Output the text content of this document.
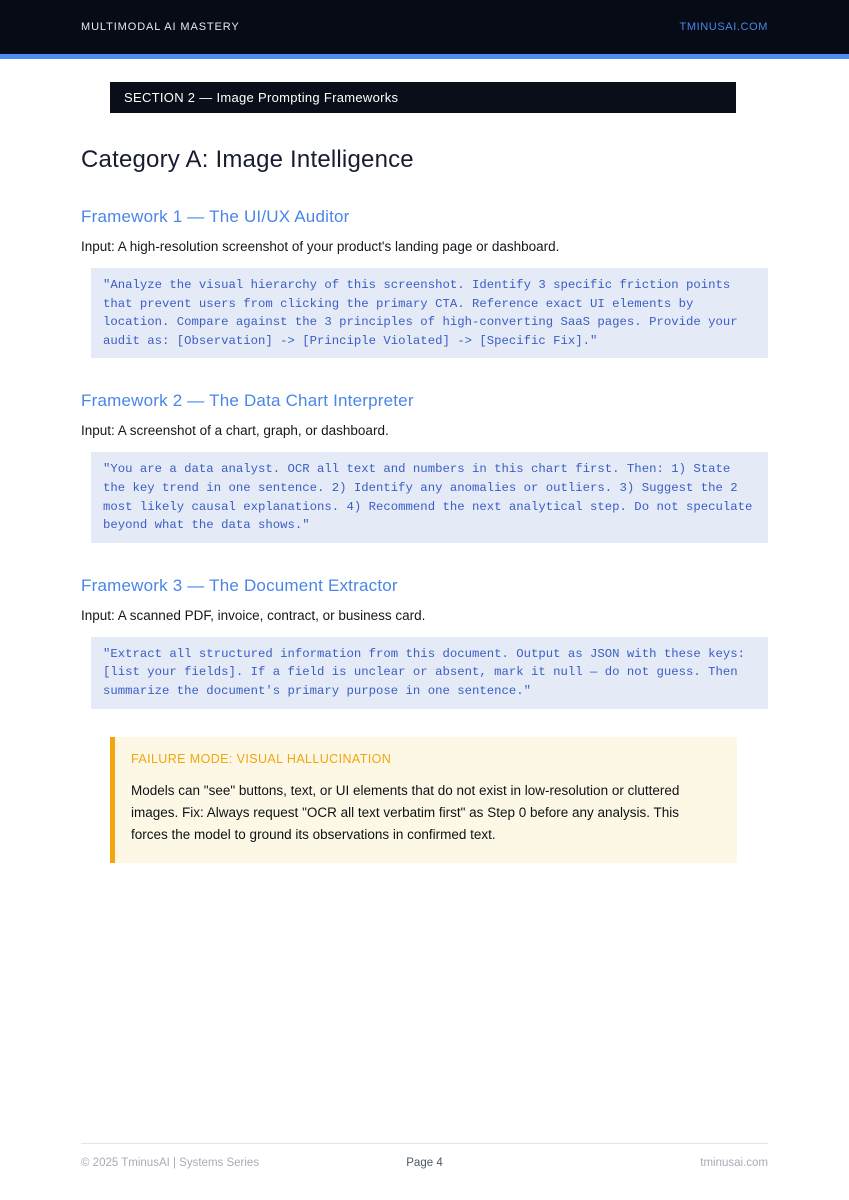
MULTIMODAL AI MASTERY	TMINUSAI.COM
SECTION 2 — Image Prompting Frameworks
Category A: Image Intelligence
Framework 1 — The UI/UX Auditor

Input: A high-resolution screenshot of your product's landing page or dashboard.

"Analyze the visual hierarchy of this screenshot. Identify 3 specific friction points that prevent users from clicking the primary CTA. Reference exact UI elements by location. Compare against the 3 principles of high-converting SaaS pages. Provide your audit as: [Observation] -> [Principle Violated] -> [Specific Fix]."
Framework 2 — The Data Chart Interpreter

Input: A screenshot of a chart, graph, or dashboard.

"You are a data analyst. OCR all text and numbers in this chart first. Then: 1) State the key trend in one sentence. 2) Identify any anomalies or outliers. 3) Suggest the 2 most likely causal explanations. 4) Recommend the next analytical step. Do not speculate beyond what the data shows."
Framework 3 — The Document Extractor

Input: A scanned PDF, invoice, contract, or business card.

"Extract all structured information from this document. Output as JSON with these keys: [list your fields]. If a field is unclear or absent, mark it null — do not guess. Then summarize the document's primary purpose in one sentence."
FAILURE MODE: VISUAL HALLUCINATION

Models can "see" buttons, text, or UI elements that do not exist in low-resolution or cluttered images. Fix: Always request "OCR all text verbatim first" as Step 0 before any analysis. This forces the model to ground its observations in confirmed text.

© 2025 TminusAI | Systems Series	Page 4	tminusai.com
